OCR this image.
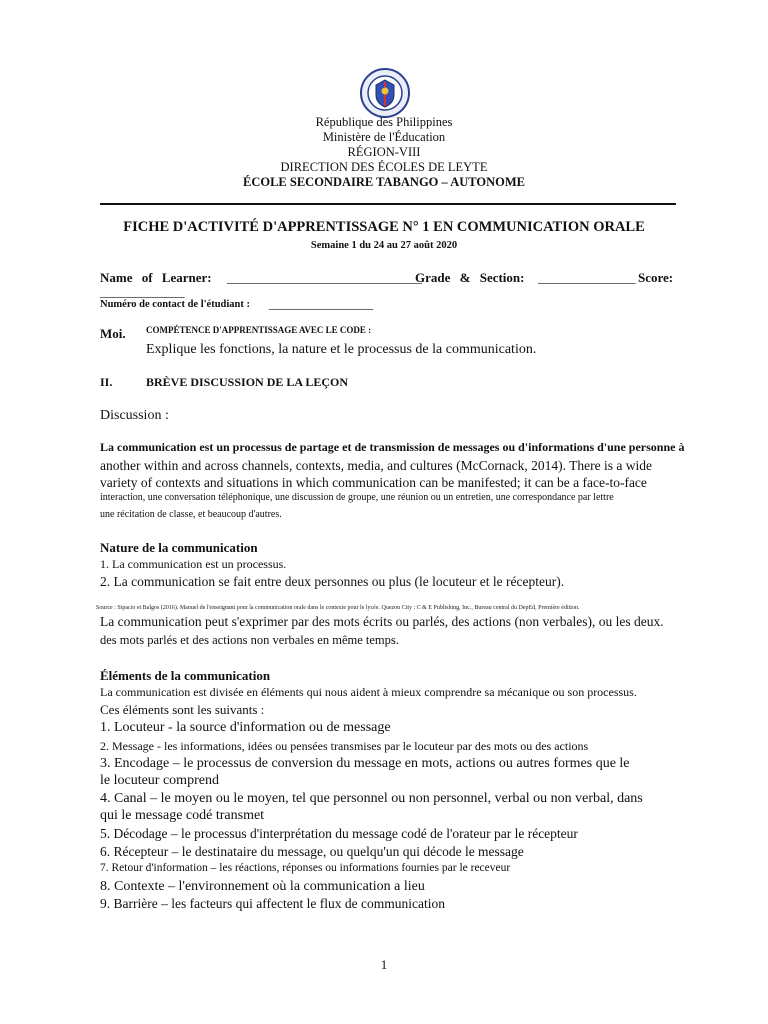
République des Philippines
Ministère de l'Éducation
RÉGION-VIII
DIRECTION DES ÉCOLES DE LEYTE
ÉCOLE SECONDAIRE TABANGO – AUTONOME
FICHE D'ACTIVITÉ D'APPRENTISSAGE N° 1 EN COMMUNICATION ORALE
Semaine 1 du 24 au 27 août 2020
Name of Learner: ______________________________
Grade & Section: _______________ Score:
_____________
Numéro de contact de l'étudiant : ________________
Moi. COMPÉTENCE D'APPRENTISSAGE AVEC LE CODE :
Explique les fonctions, la nature et le processus de la communication.
II.	BRÈVE DISCUSSION DE LA LEÇON
Discussion :
La communication est un processus de partage et de transmission de messages ou d'informations d'une personne à
another within and across channels, contexts, media, and cultures (McCornack, 2014). There is a wide
variety of contexts and situations in which communication can be manifested; it can be a face-to-face
interaction, une conversation téléphonique, une discussion de groupe, une réunion ou un entretien, une correspondance par lettre
une récitation de classe, et beaucoup d'autres.
Nature de la communication
1. La communication est un processus.
2. La communication se fait entre deux personnes ou plus (le locuteur et le récepteur).
Source : Sipacio et Balgos (2016). Manuel de l'enseignant pour la communication orale dans le contexte pour le lycée. Quezon City : C & E Publishing, Inc., Bureau central du DepEd, Première édition.
La communication peut s'exprimer par des mots écrits ou parlés, des actions (non verbales), ou les deux.
des mots parlés et des actions non verbales en même temps.
Éléments de la communication
La communication est divisée en éléments qui nous aident à mieux comprendre sa mécanique ou son processus.
Ces éléments sont les suivants :
1. Locuteur - la source d'information ou de message
2. Message - les informations, idées ou pensées transmises par le locuteur par des mots ou des actions
3. Encodage – le processus de conversion du message en mots, actions ou autres formes que le
le locuteur comprend
4. Canal – le moyen ou le moyen, tel que personnel ou non personnel, verbal ou non verbal, dans
qui le message codé transmet
5. Décodage – le processus d'interprétation du message codé de l'orateur par le récepteur
6. Récepteur – le destinataire du message, ou quelqu'un qui décode le message
7. Retour d'information – les réactions, réponses ou informations fournies par le receveur
8. Contexte – l'environnement où la communication a lieu
9. Barrière – les facteurs qui affectent le flux de communication
1
